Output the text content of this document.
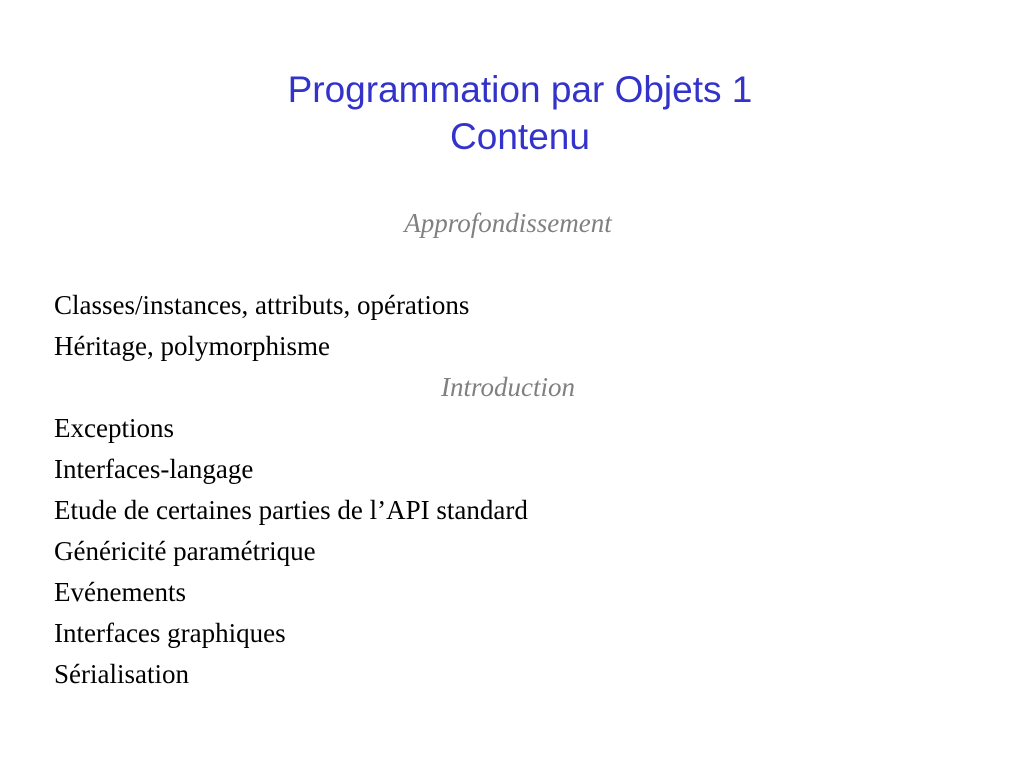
Programmation par Objets 1
Contenu
Approfondissement
Classes/instances, attributs, opérations
Héritage, polymorphisme
Introduction
Exceptions
Interfaces-langage
Etude de certaines parties de l’API standard
Généricité paramétrique
Evénements
Interfaces graphiques
Sérialisation
